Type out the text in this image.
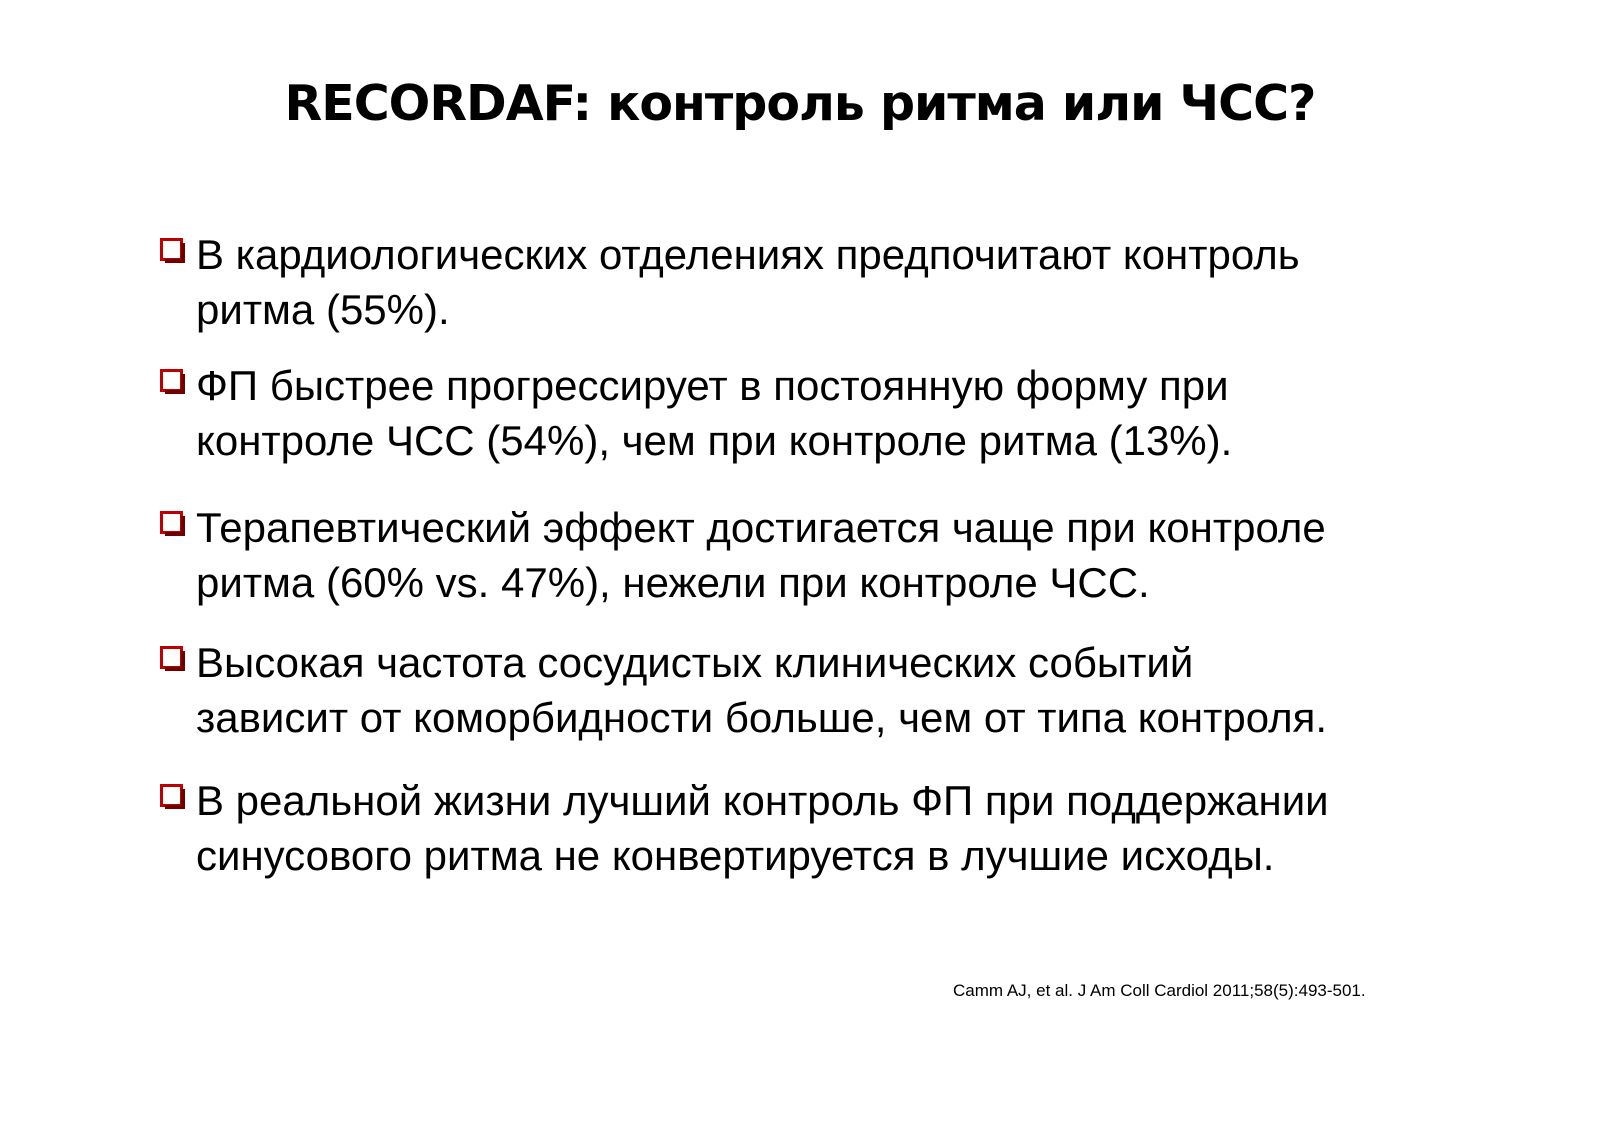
RECORDAF: контроль ритма или ЧСС?
В кардиологических отделениях предпочитают контроль
ритма (55%).
ФП быстрее прогрессирует в постоянную форму при
контроле ЧСС (54%), чем при контроле ритма (13%).
Терапевтический эффект достигается чаще при контроле
ритма (60% vs. 47%), нежели при контроле ЧСС.
Высокая частота сосудистых клинических событий
зависит от коморбидности больше, чем от типа контроля.
В реальной жизни лучший контроль ФП при поддержании
синусового ритма не конвертируется в лучшие исходы.
Camm AJ, et al. J Am Coll Cardiol 2011;58(5):493-501.
